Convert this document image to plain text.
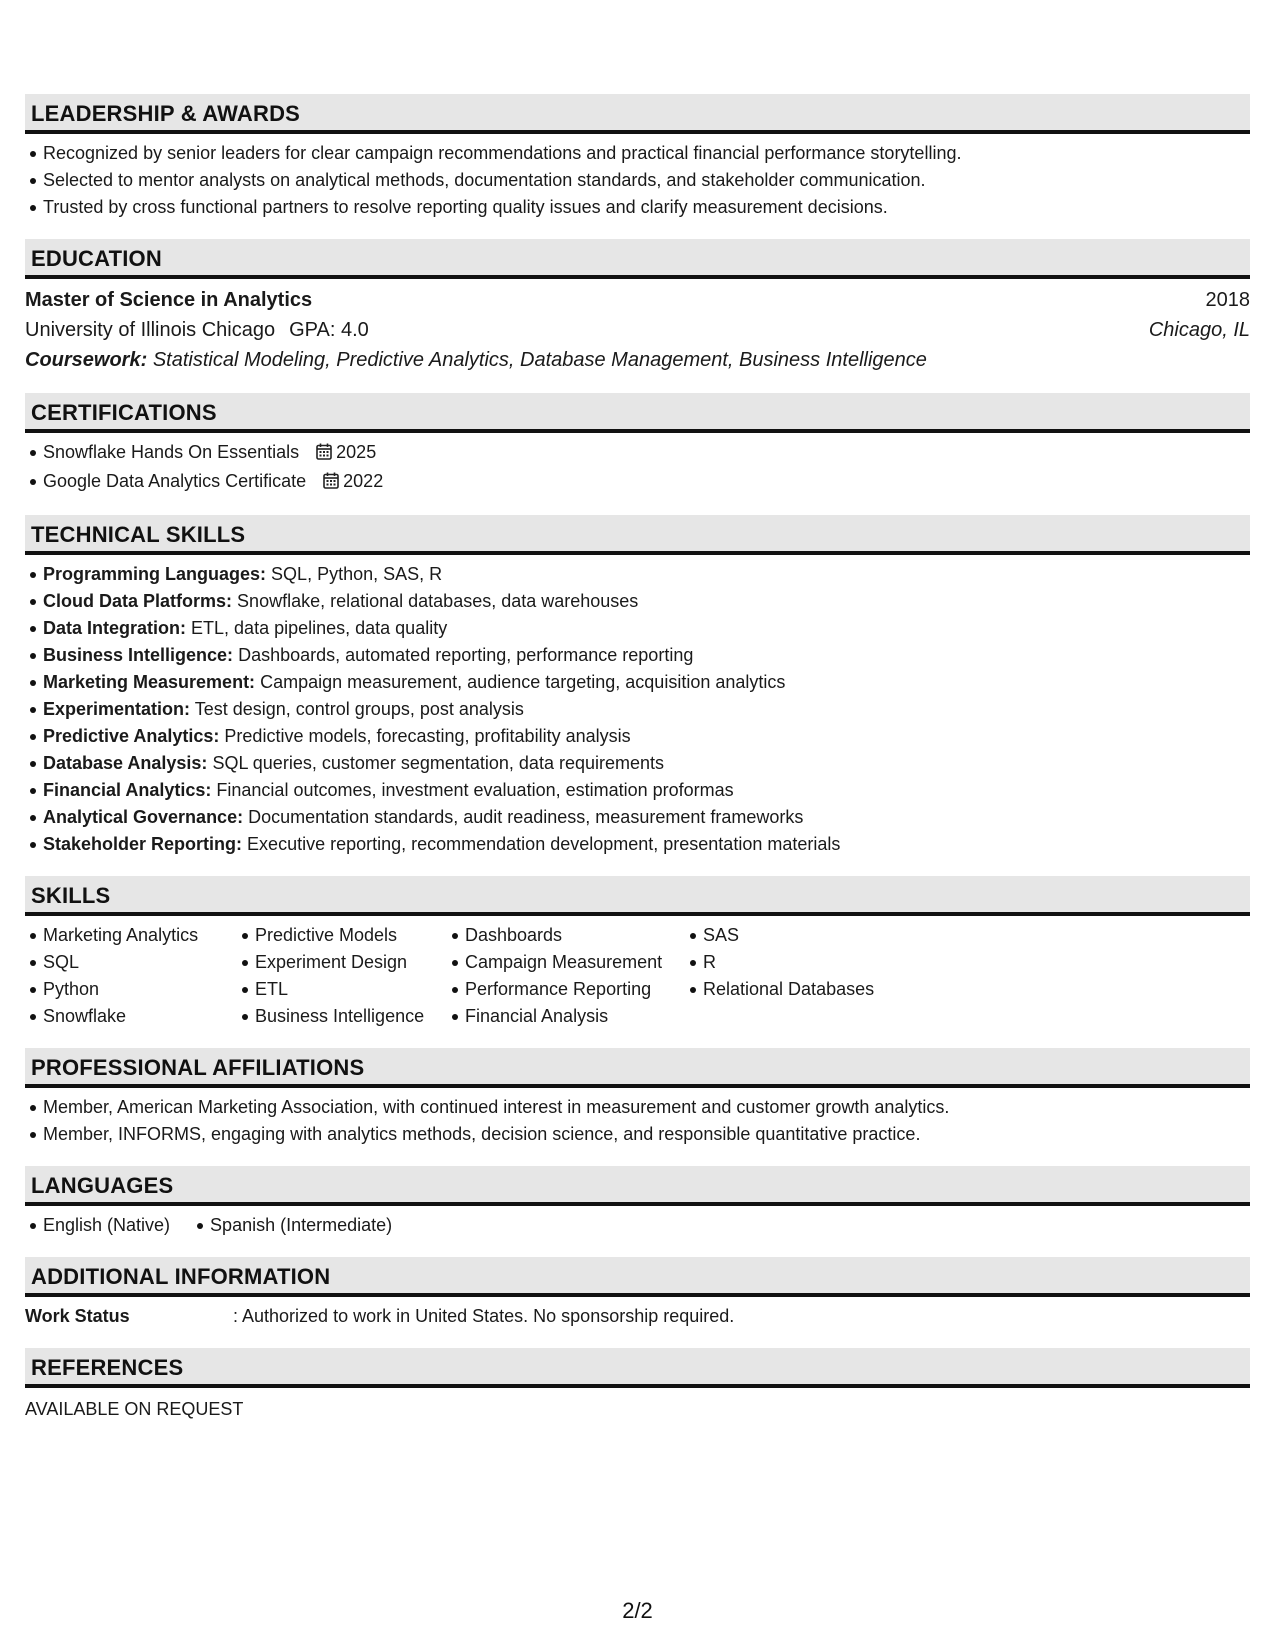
LEADERSHIP & AWARDS
Recognized by senior leaders for clear campaign recommendations and practical financial performance storytelling.
Selected to mentor analysts on analytical methods, documentation standards, and stakeholder communication.
Trusted by cross functional partners to resolve reporting quality issues and clarify measurement decisions.
EDUCATION
Master of Science in Analytics	2018
University of Illinois Chicago GPA: 4.0	Chicago, IL
Coursework: Statistical Modeling, Predictive Analytics, Database Management, Business Intelligence
CERTIFICATIONS
Snowflake Hands On Essentials 2025
Google Data Analytics Certificate 2022
TECHNICAL SKILLS
Programming Languages: SQL, Python, SAS, R
Cloud Data Platforms: Snowflake, relational databases, data warehouses
Data Integration: ETL, data pipelines, data quality
Business Intelligence: Dashboards, automated reporting, performance reporting
Marketing Measurement: Campaign measurement, audience targeting, acquisition analytics
Experimentation: Test design, control groups, post analysis
Predictive Analytics: Predictive models, forecasting, profitability analysis
Database Analysis: SQL queries, customer segmentation, data requirements
Financial Analytics: Financial outcomes, investment evaluation, estimation proformas
Analytical Governance: Documentation standards, audit readiness, measurement frameworks
Stakeholder Reporting: Executive reporting, recommendation development, presentation materials
SKILLS
Marketing Analytics
SQL
Python
Snowflake
Predictive Models
Experiment Design
ETL
Business Intelligence
Dashboards
Campaign Measurement
Performance Reporting
Financial Analysis
SAS
R
Relational Databases
PROFESSIONAL AFFILIATIONS
Member, American Marketing Association, with continued interest in measurement and customer growth analytics.
Member, INFORMS, engaging with analytics methods, decision science, and responsible quantitative practice.
LANGUAGES
English (Native)	Spanish (Intermediate)
ADDITIONAL INFORMATION
Work Status	: Authorized to work in United States. No sponsorship required.
REFERENCES
AVAILABLE ON REQUEST
2/2
